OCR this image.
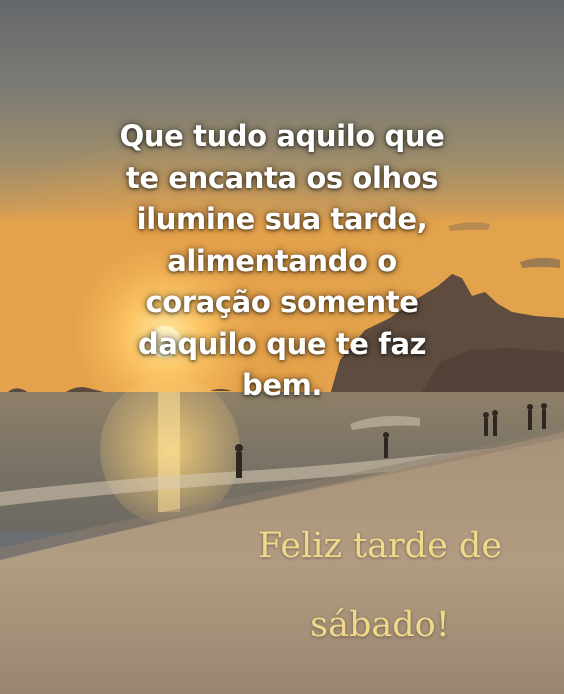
Que tudo aquilo que
te encanta os olhos
ilumine sua tarde,
alimentando o
coração somente
daquilo que te faz
bem.

Feliz tarde de

sábado!
